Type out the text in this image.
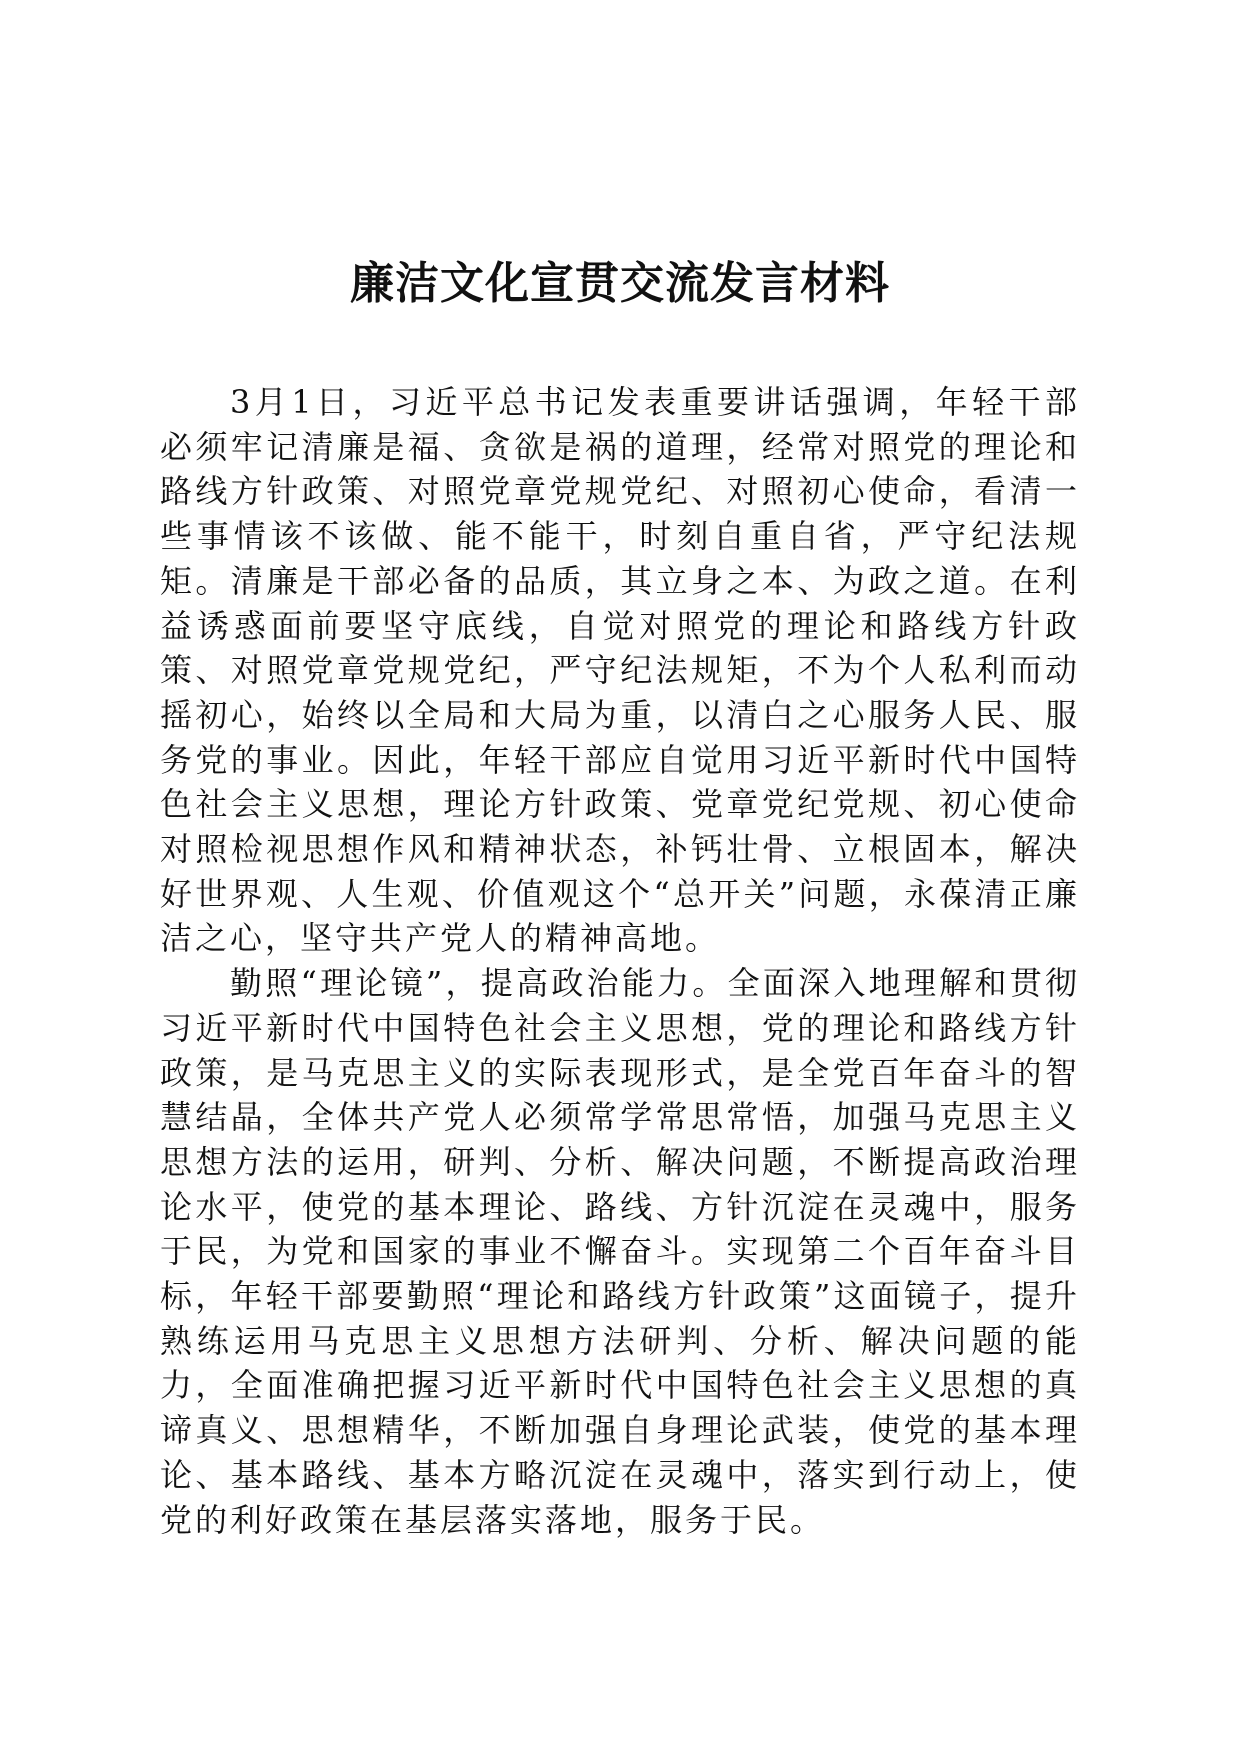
廉洁文化宣贯交流发言材料

3月1日，习近平总书记发表重要讲话强调，年轻干部必须牢记清廉是福、贪欲是祸的道理，经常对照党的理论和路线方针政策、对照党章党规党纪、对照初心使命，看清一些事情该不该做、能不能干，时刻自重自省，严守纪法规矩。清廉是干部必备的品质，其立身之本、为政之道。在利益诱惑面前要坚守底线，自觉对照党的理论和路线方针政策、对照党章党规党纪，严守纪法规矩，不为个人私利而动摇初心，始终以全局和大局为重，以清白之心服务人民、服务党的事业。因此，年轻干部应自觉用习近平新时代中国特色社会主义思想，理论方针政策、党章党纪党规、初心使命对照检视思想作风和精神状态，补钙壮骨、立根固本，解决好世界观、人生观、价值观这个“总开关”问题，永葆清正廉洁之心，坚守共产党人的精神高地。

勤照“理论镜”，提高政治能力。全面深入地理解和贯彻习近平新时代中国特色社会主义思想，党的理论和路线方针政策，是马克思主义的实际表现形式，是全党百年奋斗的智慧结晶，全体共产党人必须常学常思常悟，加强马克思主义思想方法的运用，研判、分析、解决问题，不断提高政治理论水平，使党的基本理论、路线、方针沉淀在灵魂中，服务于民，为党和国家的事业不懈奋斗。实现第二个百年奋斗目标，年轻干部要勤照“理论和路线方针政策”这面镜子，提升熟练运用马克思主义思想方法研判、分析、解决问题的能力，全面准确把握习近平新时代中国特色社会主义思想的真谛真义、思想精华，不断加强自身理论武装，使党的基本理论、基本路线、基本方略沉淀在灵魂中，落实到行动上，使党的利好政策在基层落实落地，服务于民。
